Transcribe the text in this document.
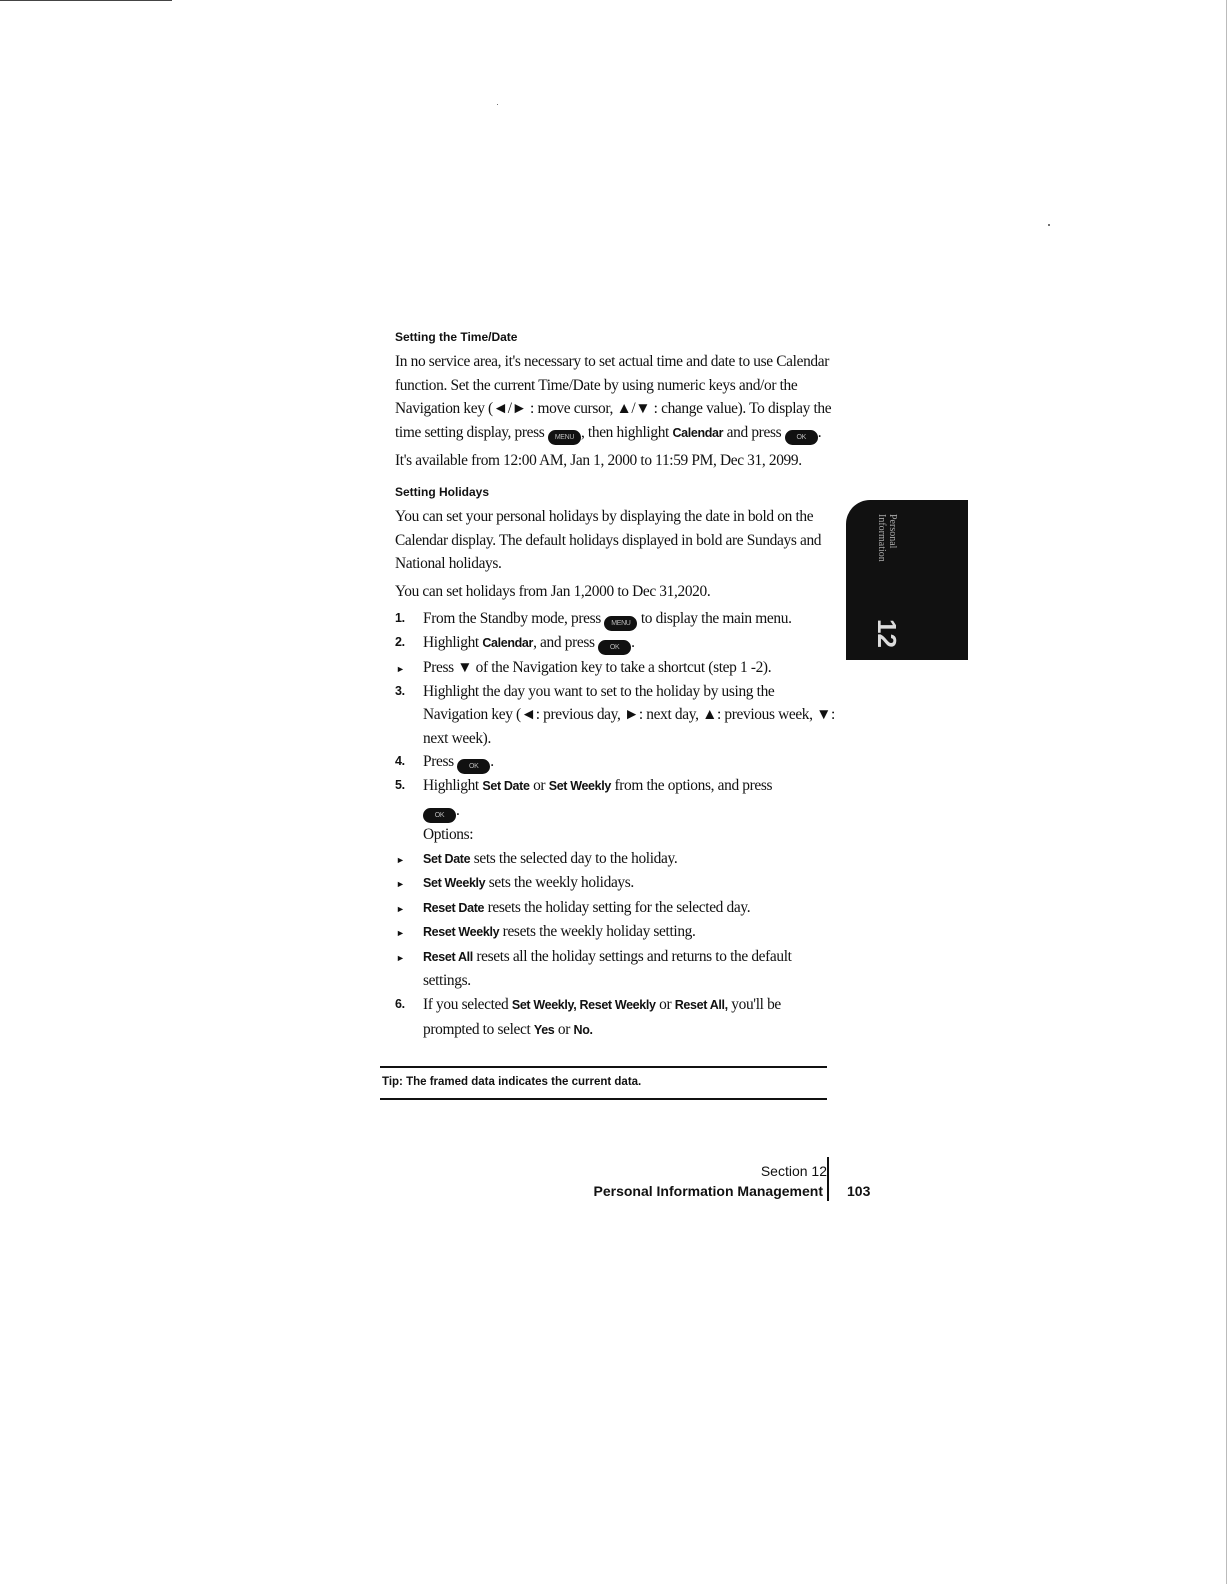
Setting the Time/Date

In no service area, it's necessary to set actual time and date to use Calendar function. Set the current Time/Date by using numeric keys and/or the Navigation key (◄/► : move cursor, ▲/▼ : change value). To display the time setting display, press MENU , then highlight Calendar and press OK .

It's available from 12:00 AM, Jan 1, 2000 to 11:59 PM, Dec 31, 2099.

Setting Holidays

You can set your personal holidays by displaying the date in bold on the Calendar display. The default holidays displayed in bold are Sundays and National holidays.

You can set holidays from Jan 1,2000 to Dec 31,2020.

1. From the Standby mode, press MENU to display the main menu.
2. Highlight Calendar, and press OK .
► Press ▼ of the Navigation key to take a shortcut (step 1 -2).
3. Highlight the day you want to set to the holiday by using the Navigation key (◄: previous day, ►: next day, ▲: previous week, ▼: next week).
4. Press OK .
5. Highlight Set Date or Set Weekly from the options, and press
OK .
Options:
► Set Date sets the selected day to the holiday.
► Set Weekly sets the weekly holidays.
► Reset Date resets the holiday setting for the selected day.
► Reset Weekly resets the weekly holiday setting.
► Reset All resets all the holiday settings and returns to the default settings.
6. If you selected Set Weekly, Reset Weekly or Reset All, you'll be prompted to select Yes or No.
Tip: The framed data indicates the current data.
Personal
Information
12
Section 12
Personal Information Management 103
